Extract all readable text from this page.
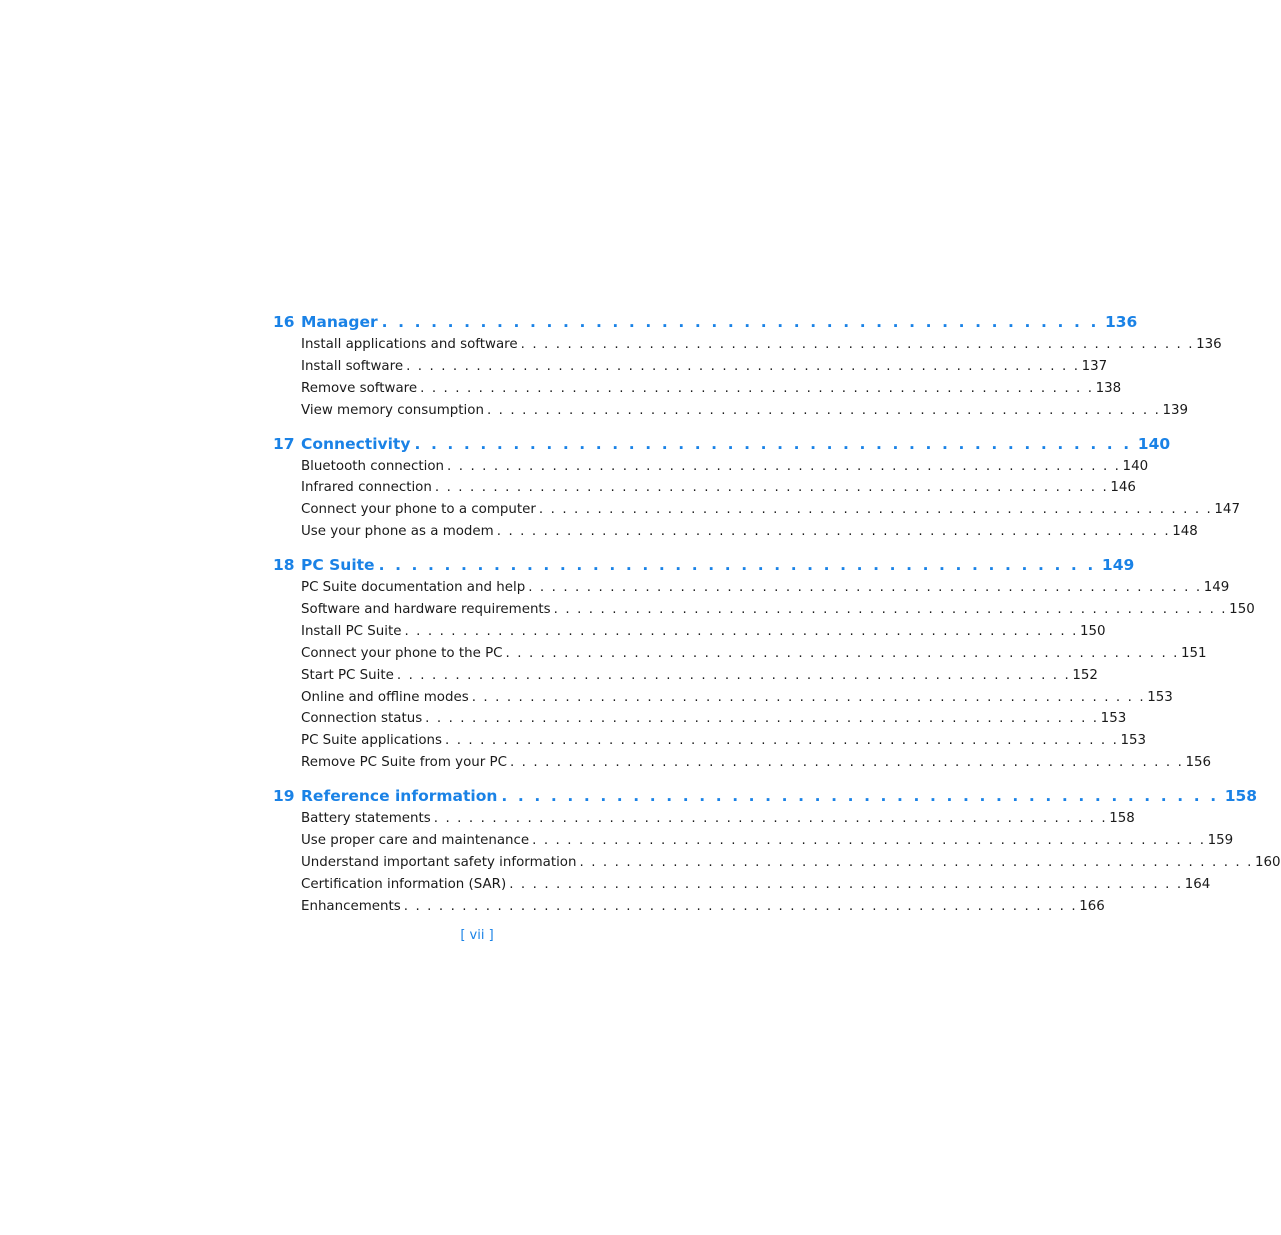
16 Manager . . . . . . . . . . . . . . . . . . . . . . . . . . . . . . . . . . . . . . . . . . . . 136
Install applications and software . . . . . . . . . . . . . . . . . . . . . . . . . . . . . . . . . . . . . . . . . . . . . . . . . . . . . . . . . . 136
Install software . . . . . . . . . . . . . . . . . . . . . . . . . . . . . . . . . . . . . . . . . . . . . . . . . . . . . . . . . . 137
Remove software . . . . . . . . . . . . . . . . . . . . . . . . . . . . . . . . . . . . . . . . . . . . . . . . . . . . . . . . . . 138
View memory consumption . . . . . . . . . . . . . . . . . . . . . . . . . . . . . . . . . . . . . . . . . . . . . . . . . . . . . . . . . . 139
17 Connectivity . . . . . . . . . . . . . . . . . . . . . . . . . . . . . . . . . . . . . . . . . . . . 140
Bluetooth connection . . . . . . . . . . . . . . . . . . . . . . . . . . . . . . . . . . . . . . . . . . . . . . . . . . . . . . . . . . 140
Infrared connection . . . . . . . . . . . . . . . . . . . . . . . . . . . . . . . . . . . . . . . . . . . . . . . . . . . . . . . . . . 146
Connect your phone to a computer . . . . . . . . . . . . . . . . . . . . . . . . . . . . . . . . . . . . . . . . . . . . . . . . . . . . . . . . . . 147
Use your phone as a modem . . . . . . . . . . . . . . . . . . . . . . . . . . . . . . . . . . . . . . . . . . . . . . . . . . . . . . . . . . 148
18 PC Suite . . . . . . . . . . . . . . . . . . . . . . . . . . . . . . . . . . . . . . . . . . . . 149
PC Suite documentation and help . . . . . . . . . . . . . . . . . . . . . . . . . . . . . . . . . . . . . . . . . . . . . . . . . . . . . . . . . . 149
Software and hardware requirements . . . . . . . . . . . . . . . . . . . . . . . . . . . . . . . . . . . . . . . . . . . . . . . . . . . . . . . . . . 150
Install PC Suite . . . . . . . . . . . . . . . . . . . . . . . . . . . . . . . . . . . . . . . . . . . . . . . . . . . . . . . . . . 150
Connect your phone to the PC . . . . . . . . . . . . . . . . . . . . . . . . . . . . . . . . . . . . . . . . . . . . . . . . . . . . . . . . . . 151
Start PC Suite . . . . . . . . . . . . . . . . . . . . . . . . . . . . . . . . . . . . . . . . . . . . . . . . . . . . . . . . . . 152
Online and offline modes . . . . . . . . . . . . . . . . . . . . . . . . . . . . . . . . . . . . . . . . . . . . . . . . . . . . . . . . . . 153
Connection status . . . . . . . . . . . . . . . . . . . . . . . . . . . . . . . . . . . . . . . . . . . . . . . . . . . . . . . . . . 153
PC Suite applications . . . . . . . . . . . . . . . . . . . . . . . . . . . . . . . . . . . . . . . . . . . . . . . . . . . . . . . . . . 153
Remove PC Suite from your PC . . . . . . . . . . . . . . . . . . . . . . . . . . . . . . . . . . . . . . . . . . . . . . . . . . . . . . . . . . 156
19 Reference information . . . . . . . . . . . . . . . . . . . . . . . . . . . . . . . . . . . . . . . . . . . . 158
Battery statements . . . . . . . . . . . . . . . . . . . . . . . . . . . . . . . . . . . . . . . . . . . . . . . . . . . . . . . . . . 158
Use proper care and maintenance . . . . . . . . . . . . . . . . . . . . . . . . . . . . . . . . . . . . . . . . . . . . . . . . . . . . . . . . . . 159
Understand important safety information . . . . . . . . . . . . . . . . . . . . . . . . . . . . . . . . . . . . . . . . . . . . . . . . . . . . . . . . . . 160
Certification information (SAR) . . . . . . . . . . . . . . . . . . . . . . . . . . . . . . . . . . . . . . . . . . . . . . . . . . . . . . . . . . 164
Enhancements . . . . . . . . . . . . . . . . . . . . . . . . . . . . . . . . . . . . . . . . . . . . . . . . . . . . . . . . . . 166
[ vii ]
